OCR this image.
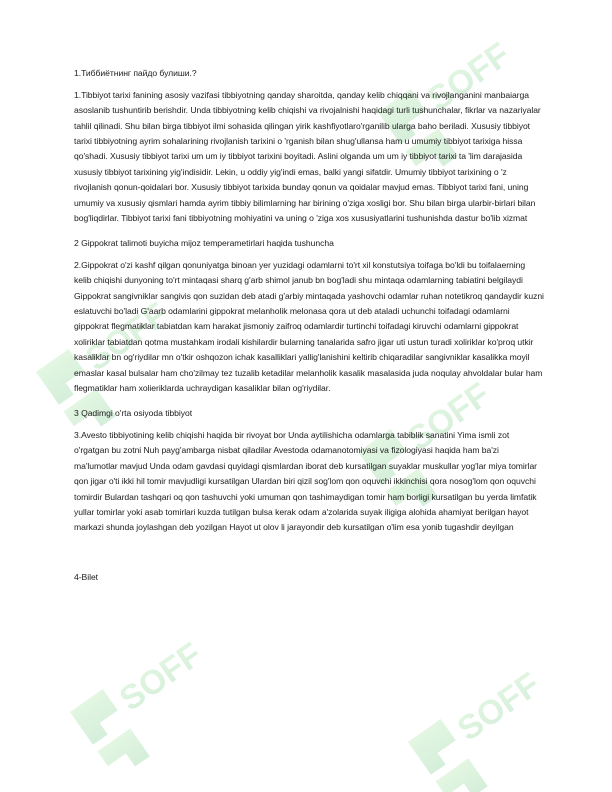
SOFF
SOFF
SOFF
SOFF	SOFF

1.Тиббиётнинг пайдо булиши.?

1.Tibbiyot tarixi fanining asosiy vazifasi tibbiyotning qanday sharoitda, qanday kelib chiqqani va rivojlanganini manbaiarga asoslanib tushuntirib berishdir. Unda tibbiyotning kelib chiqishi va rivojalnishi haqidagi turli tushunchalar, fikrlar va nazariyalar tahlil qilinadi. Shu bilan birga tibbiyot ilmi sohasida qilingan yirik kashfiyotlaro'rganilib ularga baho beriladi. Xususiy tibbiyot tarixi tibbiyotning ayrim sohalarining rivojlanish tarixini o 'rganish bilan shug'ullansa ham u umumiy tibbiyot tarixiga hissa qo'shadi. Xususiy tibbiyot tarixi um um iy tibbiyot tarixini boyitadi. Aslini olganda um um iy tibbiyot tarixi ta 'lim darajasida xususiy tibbiyot tarixining yig'indisidir. Lekin, u oddiy yig'indi emas, balki yangi sifatdir. Umumiy tibbiyot tarixining o 'z rivojlanish qonun-qoidalari bor. Xususiy tibbiyot tarixida bunday qonun va qoidalar mavjud emas. Tibbiyot tarixi fani, uning umumiy va xususiy qismlari hamda ayrim tibbiy bilimlarning har birining o'ziga xosligi bor. Shu bilan birga ularbir-birlari bilan bog'liqdirlar. Tibbiyot tarixi fani tibbiyotning mohiyatini va uning o 'ziga xos xususiyatlarini tushunishda dastur bo'lib xizmat

2 Gippokrat talimoti buyicha mijoz temperametirlari haqida tushuncha

2.Gippokrat o'zi kashf qilgan qonuniyatga binoan yer yuzidagi odamlarni to'rt xil konstutsiya toifaga bo'ldi bu toifalaerning kelib chiqishi dunyoning to'rt mintaqasi sharq g'arb shimol janub bn bog'ladi shu mintaqa odamlarning tabiatini belgilaydi Gippokrat sangivniklar sangivis qon suzidan deb atadi g'arbiy mintaqada yashovchi odamlar ruhan notetikroq qandaydir kuzni eslatuvchi bo'ladi G'aarb odamlarini gippokrat melanholik melonasa qora ut deb ataladi uchunchi toifadagi odamlarni gippokrat flegmatiklar tabiatdan kam harakat jismoniy zaifroq odamlardir turtinchi toifadagi kiruvchi odamlarni gippokrat xoliriklar tabiatdan qotma mustahkam irodali kishilardir bularning tanalarida safro jigar uti ustun turadi xoliriklar ko'proq utkir kasaliklar bn og'riydilar mn o'tkir oshqozon ichak kasalliklari yallig'lanishini keltirib chiqaradilar sangivniklar kasalikka moyil emaslar kasal bulsalar ham cho'zilmay tez tuzalib ketadilar melanholik kasalik masalasida juda noqulay ahvoldalar bular ham flegmatiklar ham xolieriklarda uchraydigan kasaliklar bilan og'riydilar.

3 Qadimgi o'rta osiyoda tibbiyot

3.Avesto tibbiyotining kelib chiqishi haqida bir rivoyat bor Unda aytilishicha odamlarga tabiblik sanatini Yima ismli zot o'rgatgan bu zotni Nuh payg'ambarga nisbat qiladilar Avestoda odamanotomiyasi va fizologiyasi haqida ham ba'zi ma'lumotlar mavjud Unda odam gavdasi quyidagi qismlardan iborat deb kursatilgan suyaklar muskullar yog'lar miya tomirlar qon jigar o'ti ikki hil tomir mavjudligi kursatilgan Ulardan biri qizil sog'lom qon oquvchi ikkinchisi qora nosog'lom qon oquvchi tomirdir Bulardan tashqari oq qon tashuvchi yoki umuman qon tashimaydigan tomir ham borligi kursatilgan bu yerda limfatik yullar tomirlar yoki asab tomirlari kuzda tutilgan bulsa kerak odam a'zolarida suyak iligiga alohida ahamiyat berilgan hayot markazi shunda joylashgan deb yozilgan Hayot ut olov li jarayondir deb kursatilgan o'lim esa yonib tugashdir deyilgan

4-Bilet
